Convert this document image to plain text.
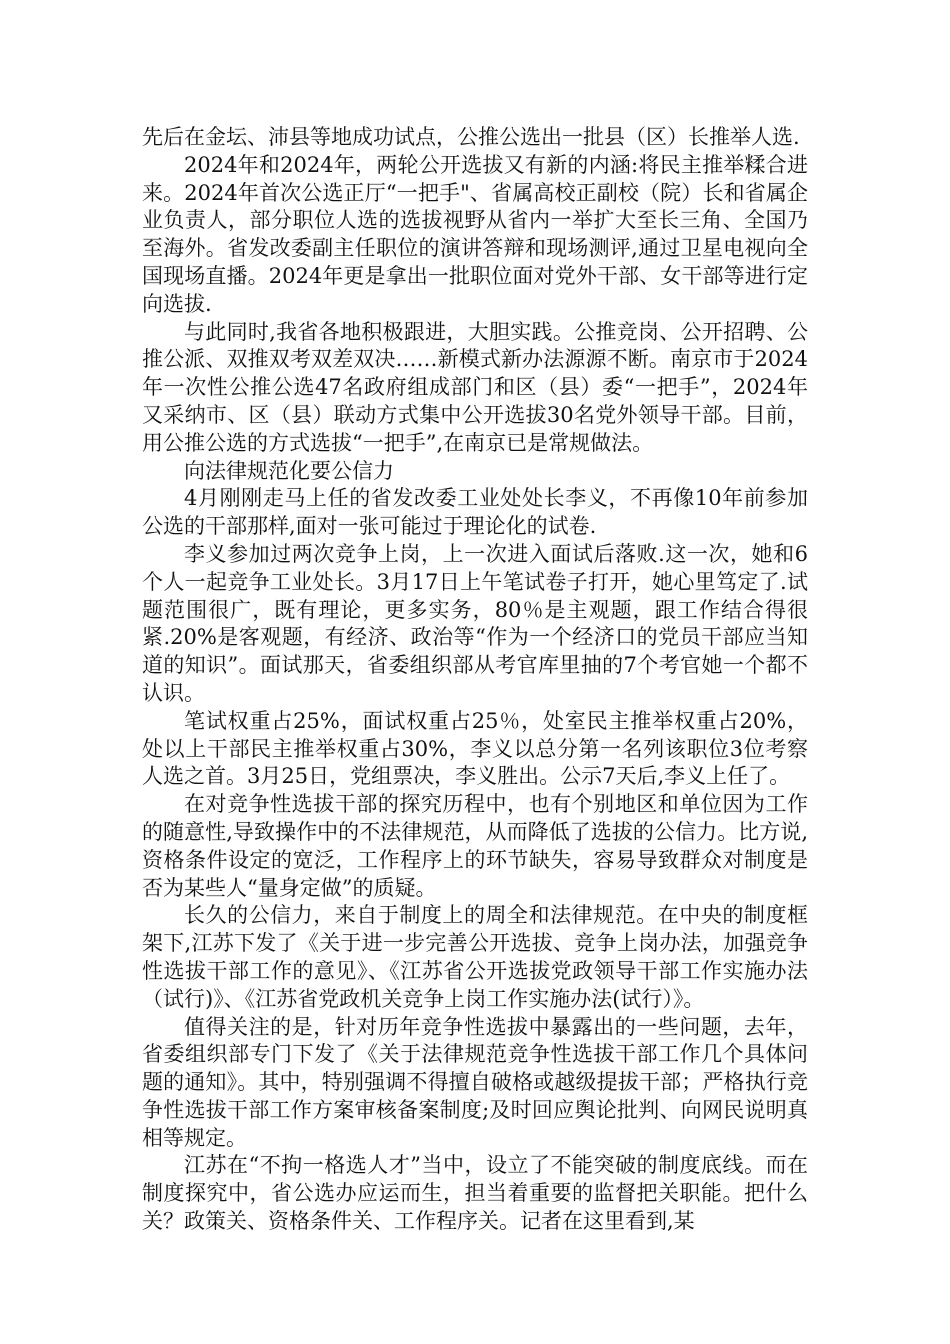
先后在金坛、沛县等地成功试点，公推公选出一批县（区）长推举人选.

2024年和2024年，两轮公开选拔又有新的内涵:将民主推举糅合进来。2024年首次公选正厅“一把手"、省属高校正副校（院）长和省属企业负责人，部分职位人选的选拔视野从省内一举扩大至长三角、全国乃至海外。省发改委副主任职位的演讲答辩和现场测评,通过卫星电视向全国现场直播。2024年更是拿出一批职位面对党外干部、女干部等进行定向选拔.

与此同时,我省各地积极跟进，大胆实践。公推竞岗、公开招聘、公推公派、双推双考双差双决……新模式新办法源源不断。南京市于2024年一次性公推公选47名政府组成部门和区（县）委“一把手”，2024年又采纳市、区（县）联动方式集中公开选拔30名党外领导干部。目前，用公推公选的方式选拔“一把手”,在南京已是常规做法。

向法律规范化要公信力

4月刚刚走马上任的省发改委工业处处长李义，不再像10年前参加公选的干部那样,面对一张可能过于理论化的试卷.

李义参加过两次竞争上岗，上一次进入面试后落败.这一次，她和6个人一起竞争工业处长。3月17日上午笔试卷子打开，她心里笃定了.试题范围很广，既有理论，更多实务，80％是主观题，跟工作结合得很紧.20%是客观题，有经济、政治等“作为一个经济口的党员干部应当知道的知识”。面试那天，省委组织部从考官库里抽的7个考官她一个都不认识。

笔试权重占25%，面试权重占25％，处室民主推举权重占20%，处以上干部民主推举权重占30%，李义以总分第一名列该职位3位考察人选之首。3月25日，党组票决，李义胜出。公示7天后,李义上任了。

在对竞争性选拔干部的探究历程中，也有个别地区和单位因为工作的随意性,导致操作中的不法律规范，从而降低了选拔的公信力。比方说,资格条件设定的宽泛，工作程序上的环节缺失，容易导致群众对制度是否为某些人“量身定做”的质疑。

长久的公信力，来自于制度上的周全和法律规范。在中央的制度框架下,江苏下发了《关于进一步完善公开选拔、竞争上岗办法，加强竞争性选拔干部工作的意见》、《江苏省公开选拔党政领导干部工作实施办法（试行)》、《江苏省党政机关竞争上岗工作实施办法(试行）》。

值得关注的是，针对历年竞争性选拔中暴露出的一些问题，去年，省委组织部专门下发了《关于法律规范竞争性选拔干部工作几个具体问题的通知》。其中，特别强调不得擅自破格或越级提拔干部；严格执行竞争性选拔干部工作方案审核备案制度;及时回应舆论批判、向网民说明真相等规定。

江苏在“不拘一格选人才”当中，设立了不能突破的制度底线。而在制度探究中，省公选办应运而生，担当着重要的监督把关职能。把什么关？政策关、资格条件关、工作程序关。记者在这里看到,某
